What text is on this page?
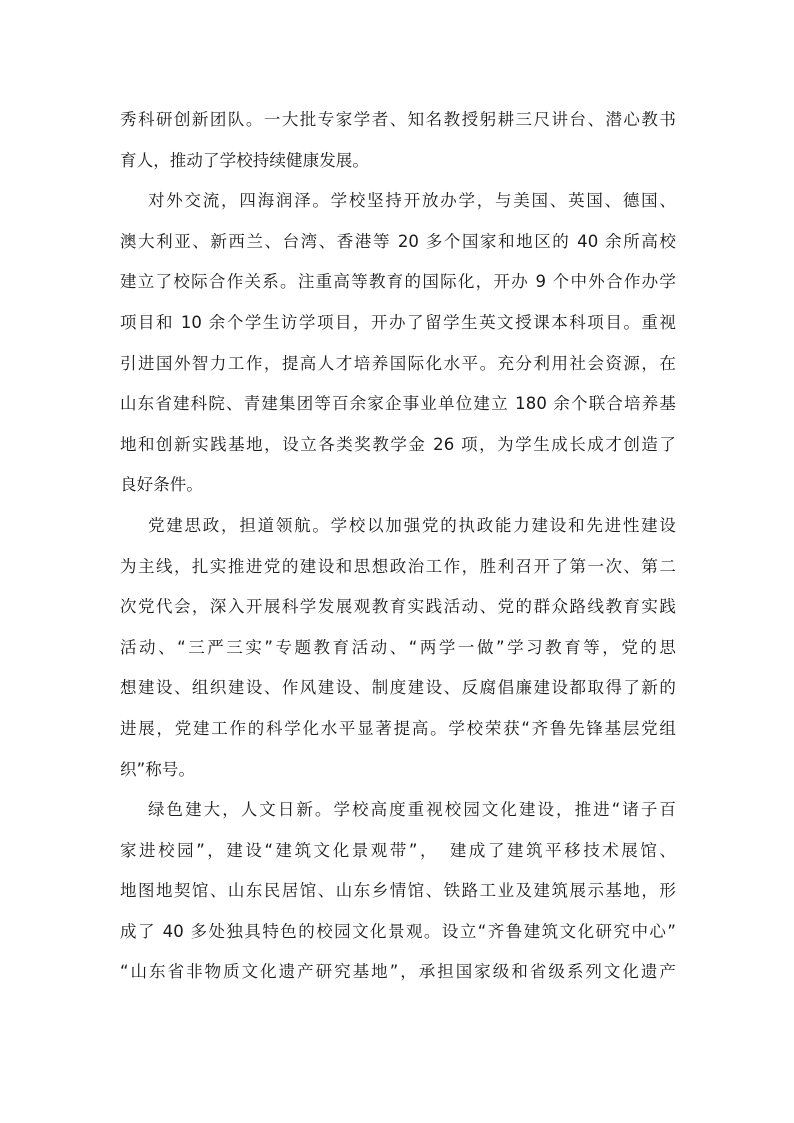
秀科研创新团队。一大批专家学者、知名教授躬耕三尺讲台、潜心教书
育人，推动了学校持续健康发展。
对外交流，四海润泽。学校坚持开放办学，与美国、英国、德国、
澳大利亚、新西兰、台湾、香港等 20 多个国家和地区的 40 余所高校
建立了校际合作关系。注重高等教育的国际化，开办 9 个中外合作办学
项目和 10 余个学生访学项目，开办了留学生英文授课本科项目。重视
引进国外智力工作，提高人才培养国际化水平。充分利用社会资源，在
山东省建科院、青建集团等百余家企事业单位建立 180 余个联合培养基
地和创新实践基地，设立各类奖教学金 26 项，为学生成长成才创造了
良好条件。
党建思政，担道领航。学校以加强党的执政能力建设和先进性建设
为主线，扎实推进党的建设和思想政治工作，胜利召开了第一次、第二
次党代会，深入开展科学发展观教育实践活动、党的群众路线教育实践
活动、“三严三实”专题教育活动、“两学一做”学习教育等，党的思
想建设、组织建设、作风建设、制度建设、反腐倡廉建设都取得了新的
进展，党建工作的科学化水平显著提高。学校荣获“齐鲁先锋基层党组
织”称号。
绿色建大，人文日新。学校高度重视校园文化建设，推进“诸子百
家进校园”，建设“建筑文化景观带”，　建成了建筑平移技术展馆、
地图地契馆、山东民居馆、山东乡情馆、铁路工业及建筑展示基地，形
成了 40 多处独具特色的校园文化景观。设立“齐鲁建筑文化研究中心”
“山东省非物质文化遗产研究基地”，承担国家级和省级系列文化遗产
